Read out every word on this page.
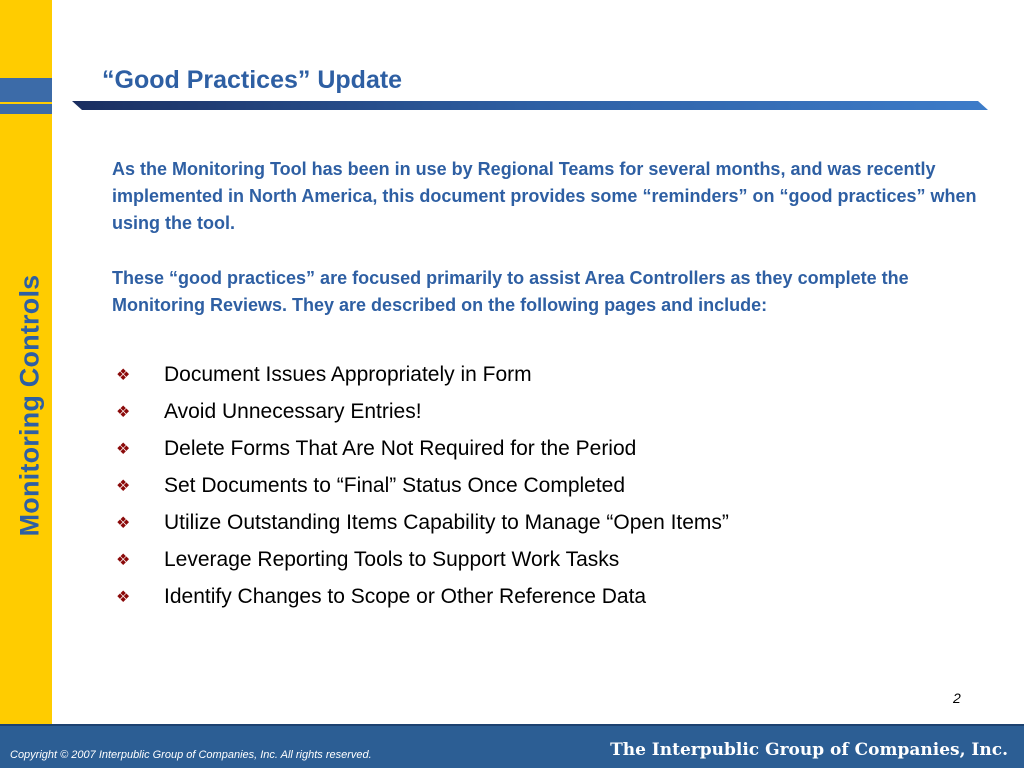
Monitoring Controls
“Good Practices” Update

As the Monitoring Tool has been in use by Regional Teams for several months, and was recently implemented in North America, this document provides some “reminders” on “good practices” when using the tool.

These “good practices” are focused primarily to assist Area Controllers as they complete the Monitoring Reviews. They are described on the following pages and include:

❖	Document Issues Appropriately in Form
❖	Avoid Unnecessary Entries!
❖	Delete Forms That Are Not Required for the Period
❖	Set Documents to “Final” Status Once Completed
❖	Utilize Outstanding Items Capability to Manage “Open Items”
❖	Leverage Reporting Tools to Support Work Tasks
❖	Identify Changes to Scope or Other Reference Data
2
Copyright © 2007 Interpublic Group of Companies, Inc. All rights reserved.	The Interpublic Group of Companies, Inc.
